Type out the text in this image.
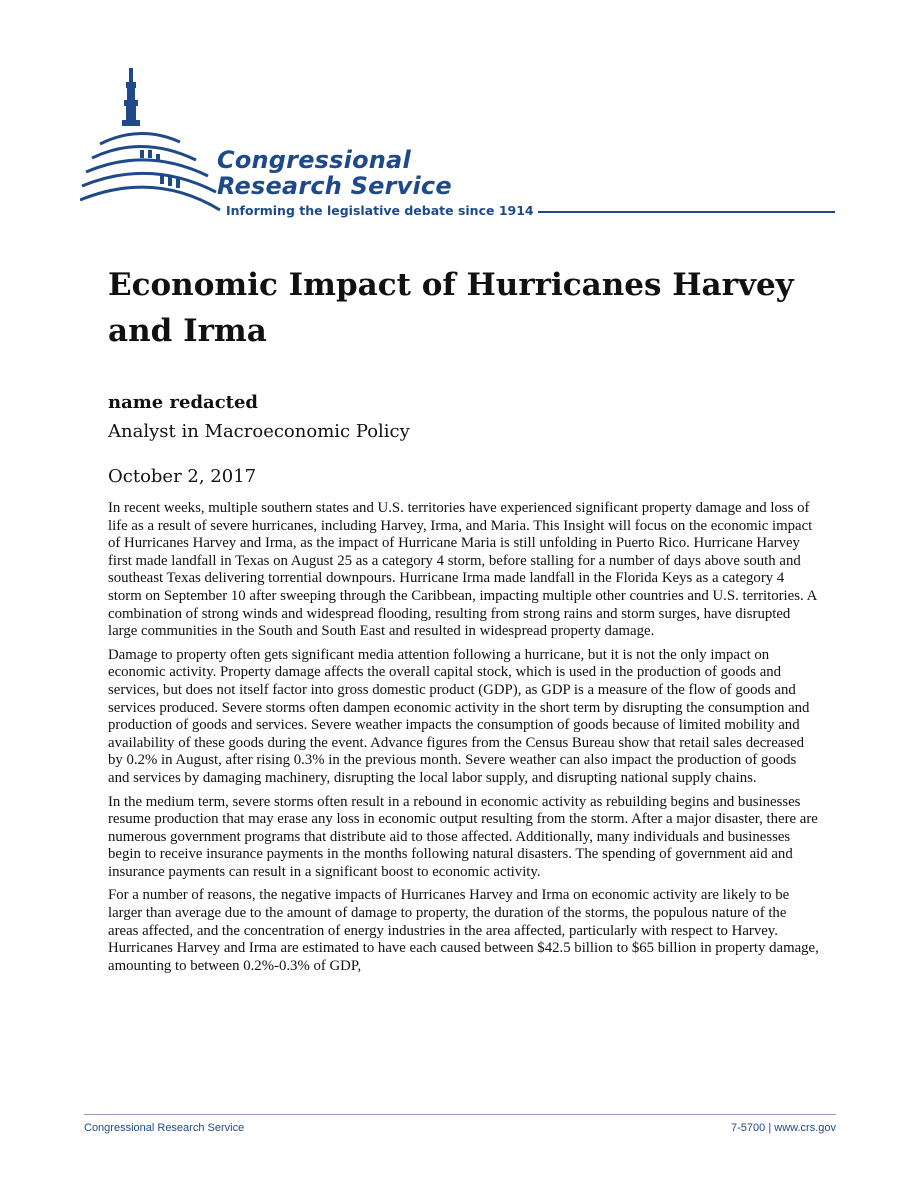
Congressional
Research Service
Informing the legislative debate since 1914
Economic Impact of Hurricanes Harvey and Irma
name redacted
Analyst in Macroeconomic Policy
October 2, 2017

In recent weeks, multiple southern states and U.S. territories have experienced significant property damage and loss of life as a result of severe hurricanes, including Harvey, Irma, and Maria. This Insight will focus on the economic impact of Hurricanes Harvey and Irma, as the impact of Hurricane Maria is still unfolding in Puerto Rico. Hurricane Harvey first made landfall in Texas on August 25 as a category 4 storm, before stalling for a number of days above south and southeast Texas delivering torrential downpours. Hurricane Irma made landfall in the Florida Keys as a category 4 storm on September 10 after sweeping through the Caribbean, impacting multiple other countries and U.S. territories. A combination of strong winds and widespread flooding, resulting from strong rains and storm surges, have disrupted large communities in the South and South East and resulted in widespread property damage.

Damage to property often gets significant media attention following a hurricane, but it is not the only impact on economic activity. Property damage affects the overall capital stock, which is used in the production of goods and services, but does not itself factor into gross domestic product (GDP), as GDP is a measure of the flow of goods and services produced. Severe storms often dampen economic activity in the short term by disrupting the consumption and production of goods and services. Severe weather impacts the consumption of goods because of limited mobility and availability of these goods during the event. Advance figures from the Census Bureau show that retail sales decreased by 0.2% in August, after rising 0.3% in the previous month. Severe weather can also impact the production of goods and services by damaging machinery, disrupting the local labor supply, and disrupting national supply chains.

In the medium term, severe storms often result in a rebound in economic activity as rebuilding begins and businesses resume production that may erase any loss in economic output resulting from the storm. After a major disaster, there are numerous government programs that distribute aid to those affected. Additionally, many individuals and businesses begin to receive insurance payments in the months following natural disasters. The spending of government aid and insurance payments can result in a significant boost to economic activity.

For a number of reasons, the negative impacts of Hurricanes Harvey and Irma on economic activity are likely to be larger than average due to the amount of damage to property, the duration of the storms, the populous nature of the areas affected, and the concentration of energy industries in the area affected, particularly with respect to Harvey. Hurricanes Harvey and Irma are estimated to have each caused between $42.5 billion to $65 billion in property damage, amounting to between 0.2%-0.3% of GDP,

Congressional Research Service	7-5700 | www.crs.gov
